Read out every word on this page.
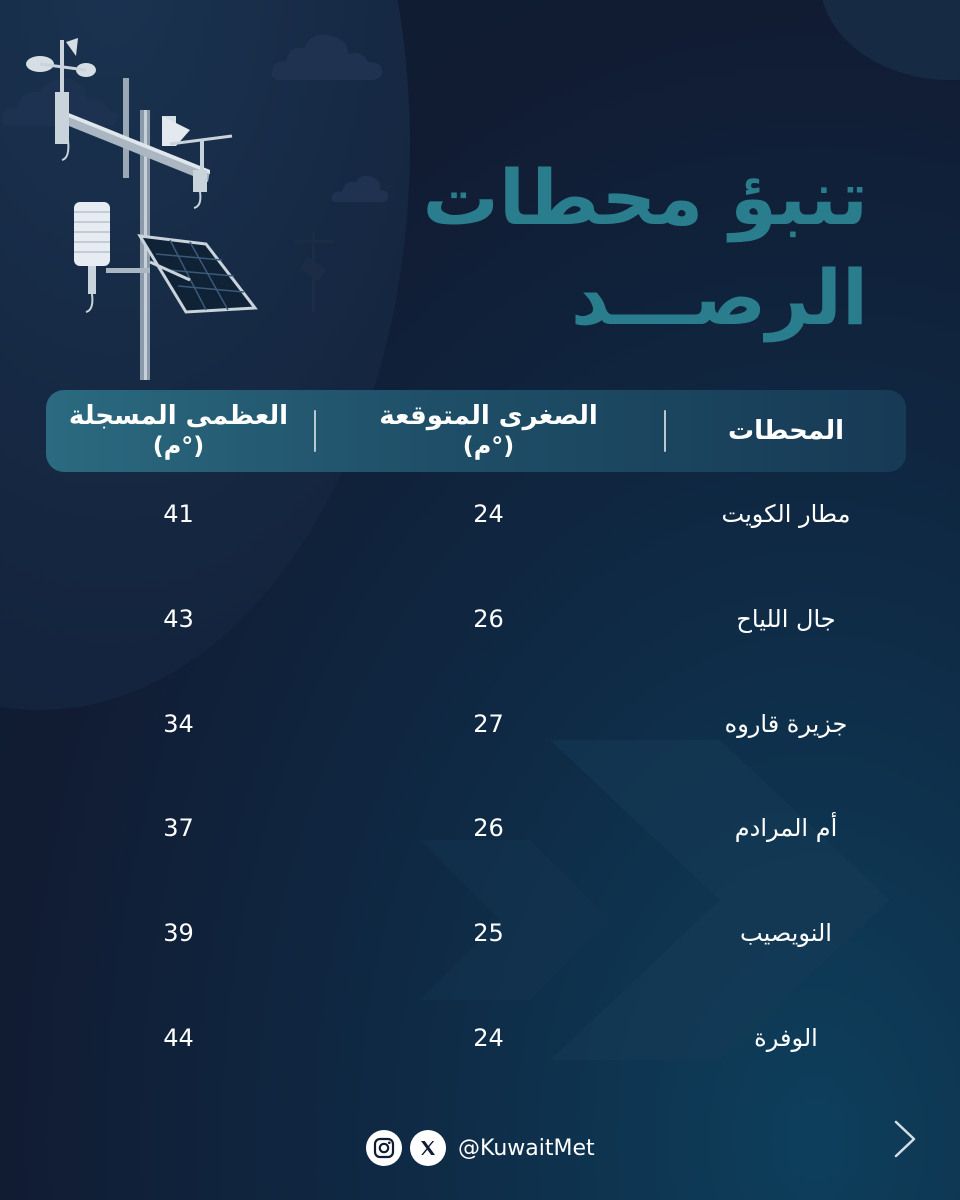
تنبؤ محطات
الرصـــد
المحطات
الصغرى المتوقعة
(°م)
العظمى المسجلة
(°م)
مطار الكويت
24
41
جال اللياح
26
43
جزيرة قاروه
27
34
أم المرادم
26
37
النويصيب
25
39
الوفرة
24
44
@KuwaitMet
